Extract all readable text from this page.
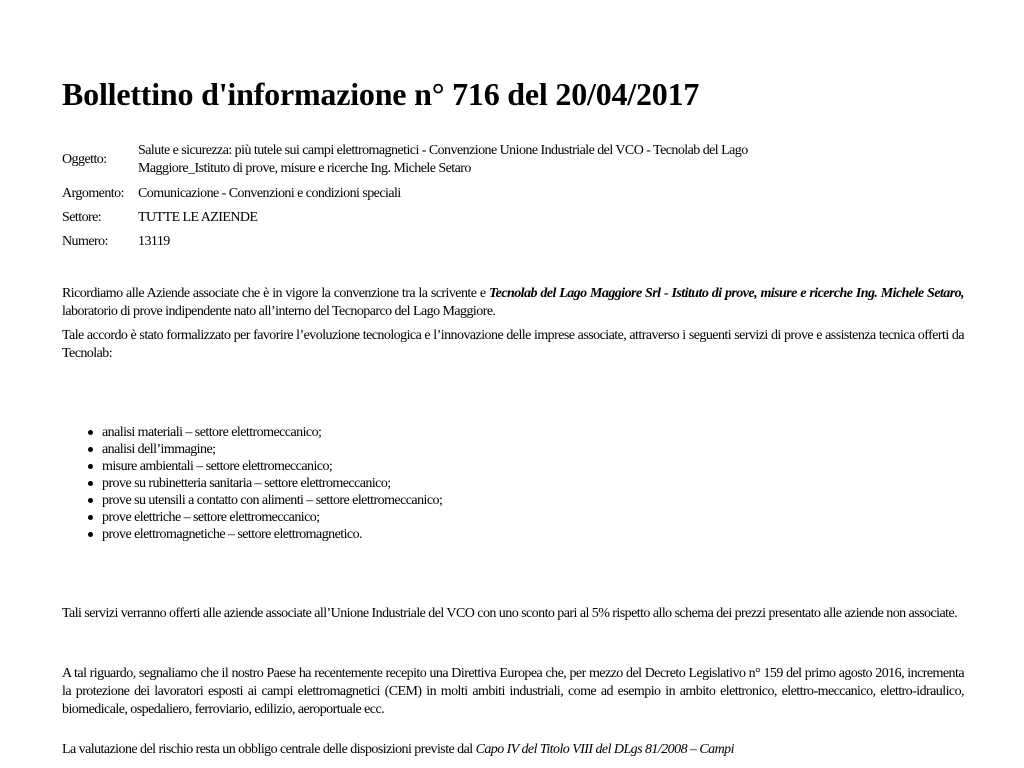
Bollettino d'informazione n° 716 del 20/04/2017
Oggetto:
Salute e sicurezza: più tutele sui campi elettromagnetici - Convenzione Unione Industriale del VCO - Tecnolab del Lago
Maggiore_Istituto di prove, misure e ricerche Ing. Michele Setaro
Argomento:	Comunicazione - Convenzioni e condizioni speciali
Settore:	TUTTE LE AZIENDE
Numero:	13119

Ricordiamo alle Aziende associate che è in vigore la convenzione tra la scrivente e Tecnolab del Lago Maggiore Srl - Istituto di prove, misure e ricerche Ing. Michele Setaro, laboratorio di prove indipendente nato all’interno del Tecnoparco del Lago Maggiore.

Tale accordo è stato formalizzato per favorire l’evoluzione tecnologica e l’innovazione delle imprese associate, attraverso i seguenti servizi di prove e assistenza tecnica offerti da Tecnolab:

analisi materiali – settore elettromeccanico;
analisi dell’immagine;
misure ambientali – settore elettromeccanico;
prove su rubinetteria sanitaria – settore elettromeccanico;
prove su utensili a contatto con alimenti – settore elettromeccanico;
prove elettriche – settore elettromeccanico;
prove elettromagnetiche – settore elettromagnetico.

Tali servizi verranno offerti alle aziende associate all’Unione Industriale del VCO con uno sconto pari al 5% rispetto allo schema dei prezzi presentato alle aziende non associate.

A tal riguardo, segnaliamo che il nostro Paese ha recentemente recepito una Direttiva Europea che, per mezzo del Decreto Legislativo n° 159 del primo agosto 2016, incrementa la protezione dei lavoratori esposti ai campi elettromagnetici (CEM) in molti ambiti industriali, come ad esempio in ambito elettronico, elettro-meccanico, elettro-idraulico, biomedicale, ospedaliero, ferroviario, edilizio, aeroportuale ecc.

La valutazione del rischio resta un obbligo centrale delle disposizioni previste dal Capo IV del Titolo VIII del DLgs 81/2008 – Campi
